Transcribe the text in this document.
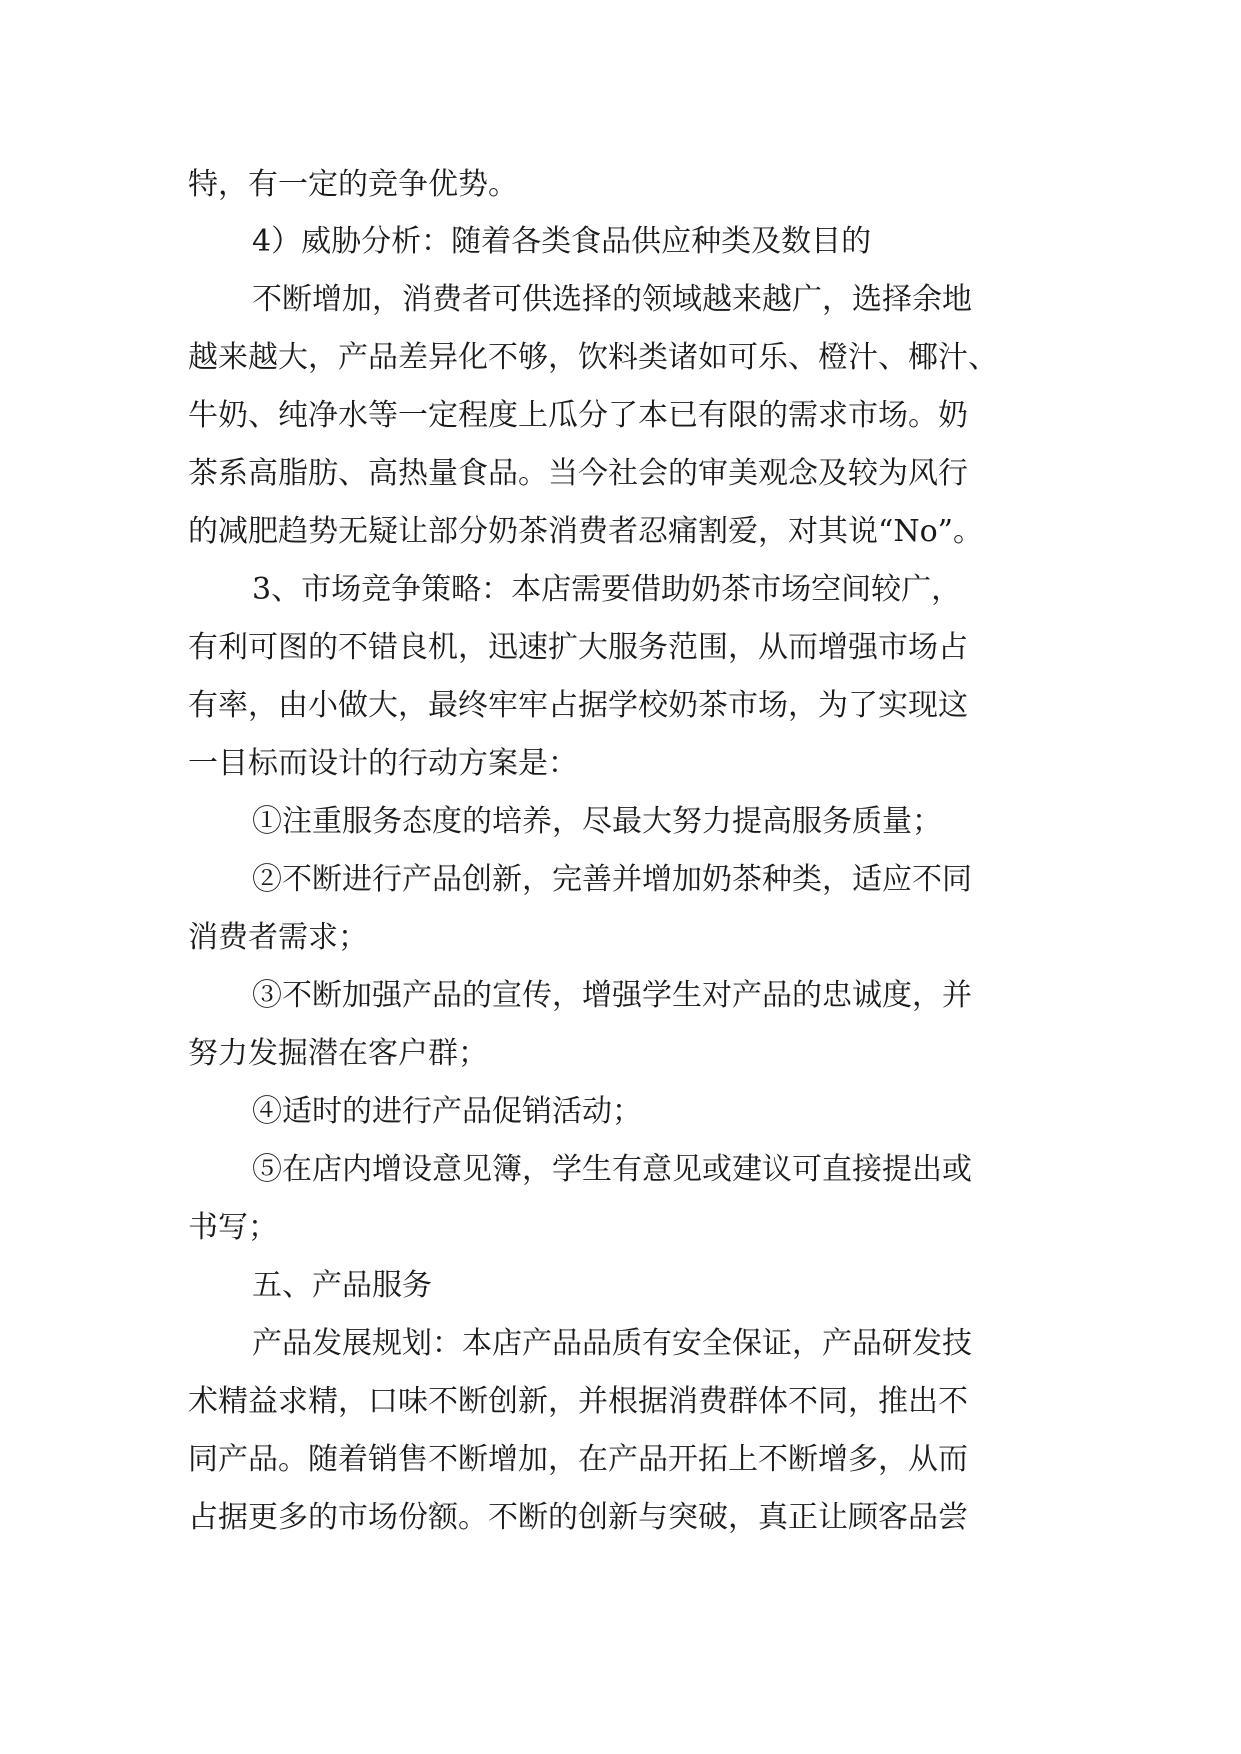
特，有一定的竞争优势。
4）威胁分析：随着各类食品供应种类及数目的
不断增加，消费者可供选择的领域越来越广，选择余地
越来越大，产品差异化不够，饮料类诸如可乐、橙汁、椰汁、
牛奶、纯净水等一定程度上瓜分了本已有限的需求市场。奶
茶系高脂肪、高热量食品。当今社会的审美观念及较为风行
的减肥趋势无疑让部分奶茶消费者忍痛割爱，对其说“No”。
3、市场竞争策略：本店需要借助奶茶市场空间较广，
有利可图的不错良机，迅速扩大服务范围，从而增强市场占
有率，由小做大，最终牢牢占据学校奶茶市场，为了实现这
一目标而设计的行动方案是：
①注重服务态度的培养，尽最大努力提高服务质量；
②不断进行产品创新，完善并增加奶茶种类，适应不同
消费者需求；
③不断加强产品的宣传，增强学生对产品的忠诚度，并
努力发掘潜在客户群；
④适时的进行产品促销活动；
⑤在店内增设意见簿，学生有意见或建议可直接提出或
书写；
五、产品服务
产品发展规划：本店产品品质有安全保证，产品研发技
术精益求精，口味不断创新，并根据消费群体不同，推出不
同产品。随着销售不断增加，在产品开拓上不断增多，从而
占据更多的市场份额。不断的创新与突破，真正让顾客品尝
